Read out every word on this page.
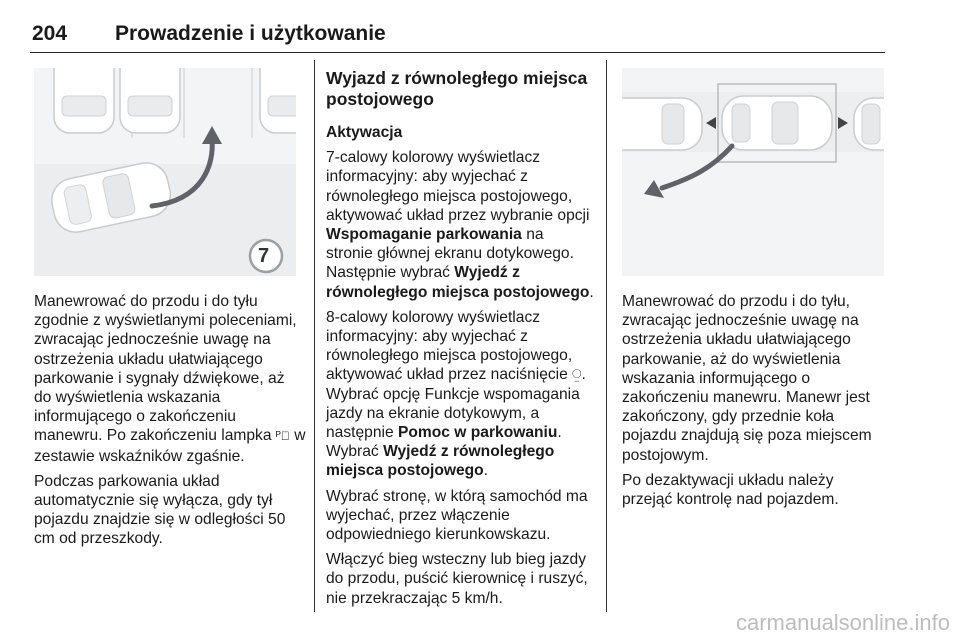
204 Prowadzenie i użytkowanie
7

Manewrować do przodu i do tyłu zgodnie z wyświetlanymi poleceniami, zwracając jednocześnie uwagę na ostrzeżenia układu ułatwiającego parkowanie i sygnały dźwiękowe, aż do wyświetlenia wskazania informującego o zakończeniu manewru. Po zakończeniu lampka ᴾ⃝ w zestawie wskaźników zgaśnie.

Podczas parkowania układ automatycznie się wyłącza, gdy tył pojazdu znajdzie się w odległości 50 cm od przeszkody.

Wyjazd z równoległego miejsca postojowego

Aktywacja

7-calowy kolorowy wyświetlacz informacyjny: aby wyjechać z równoległego miejsca postojowego, aktywować układ przez wybranie opcji Wspomaganie parkowania na stronie głównej ekranu dotykowego. Następnie wybrać Wyjedź z równoległego miejsca postojowego.

8-calowy kolorowy wyświetlacz informacyjny: aby wyjechać z równoległego miejsca postojowego, aktywować układ przez naciśnięcie ⍜. Wybrać opcję Funkcje wspomagania jazdy na ekranie dotykowym, a następnie Pomoc w parkowaniu. Wybrać Wyjedź z równoległego miejsca postojowego.

Wybrać stronę, w którą samochód ma wyjechać, przez włączenie odpowiedniego kierunkowskazu.

Włączyć bieg wsteczny lub bieg jazdy do przodu, puścić kierownicę i ruszyć, nie przekraczając 5 km/h.

Manewrować do przodu i do tyłu, zwracając jednocześnie uwagę na ostrzeżenia układu ułatwiającego parkowanie, aż do wyświetlenia wskazania informującego o zakończeniu manewru. Manewr jest zakończony, gdy przednie koła pojazdu znajdują się poza miejscem postojowym.

Po dezaktywacji układu należy przejąć kontrolę nad pojazdem.

carmanualsonline.info
